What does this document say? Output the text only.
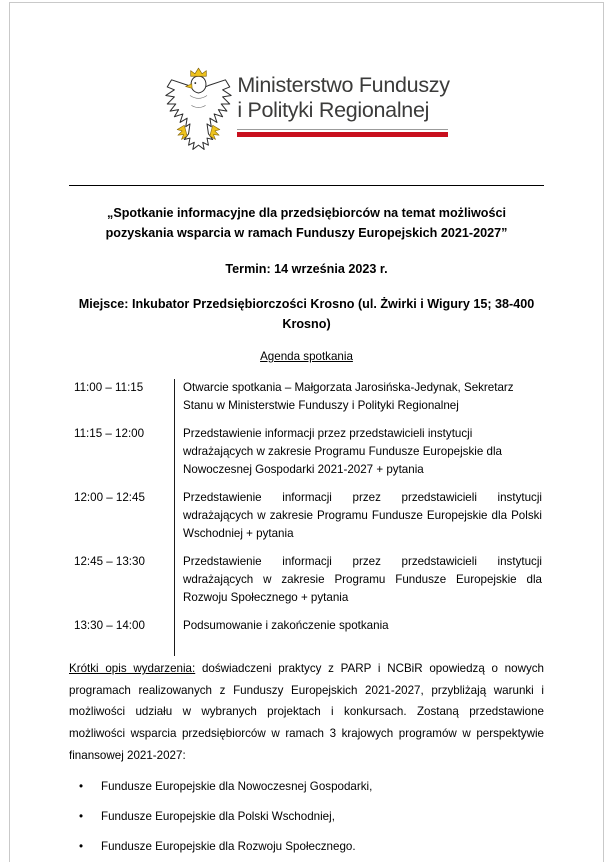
Ministerstwo Funduszy
i Polityki Regionalnej
„Spotkanie informacyjne dla przedsiębiorców na temat możliwości
pozyskania wsparcia w ramach Funduszy Europejskich 2021-2027”
Termin: 14 września 2023 r.
Miejsce: Inkubator Przedsiębiorczości Krosno (ul. Żwirki i Wigury 15; 38-400 Krosno)
Agenda spotkania
11:00 – 11:15	Otwarcie spotkania – Małgorzata Jarosińska-Jedynak, Sekretarz Stanu w Ministerstwie Funduszy i Polityki Regionalnej
11:15 – 12:00	Przedstawienie informacji przez przedstawicieli instytucji wdrażających w zakresie Programu Fundusze Europejskie dla Nowoczesnej Gospodarki 2021-2027 + pytania
12:00 – 12:45	Przedstawienie informacji przez przedstawicieli instytucji wdrażających w zakresie Programu Fundusze Europejskie dla Polski Wschodniej + pytania
12:45 – 13:30	Przedstawienie informacji przez przedstawicieli instytucji wdrażających w zakresie Programu Fundusze Europejskie dla Rozwoju Społecznego + pytania
13:30 – 14:00	Podsumowanie i zakończenie spotkania

Krótki opis wydarzenia: doświadczeni praktycy z PARP i NCBiR opowiedzą o nowych programach realizowanych z Funduszy Europejskich 2021-2027, przybliżają warunki i możliwości udziału w wybranych projektach i konkursach. Zostaną przedstawione możliwości wsparcia przedsiębiorców w ramach 3 krajowych programów w perspektywie finansowej 2021-2027:

•	Fundusze Europejskie dla Nowoczesnej Gospodarki,
•	Fundusze Europejskie dla Polski Wschodniej,
•	Fundusze Europejskie dla Rozwoju Społecznego.
